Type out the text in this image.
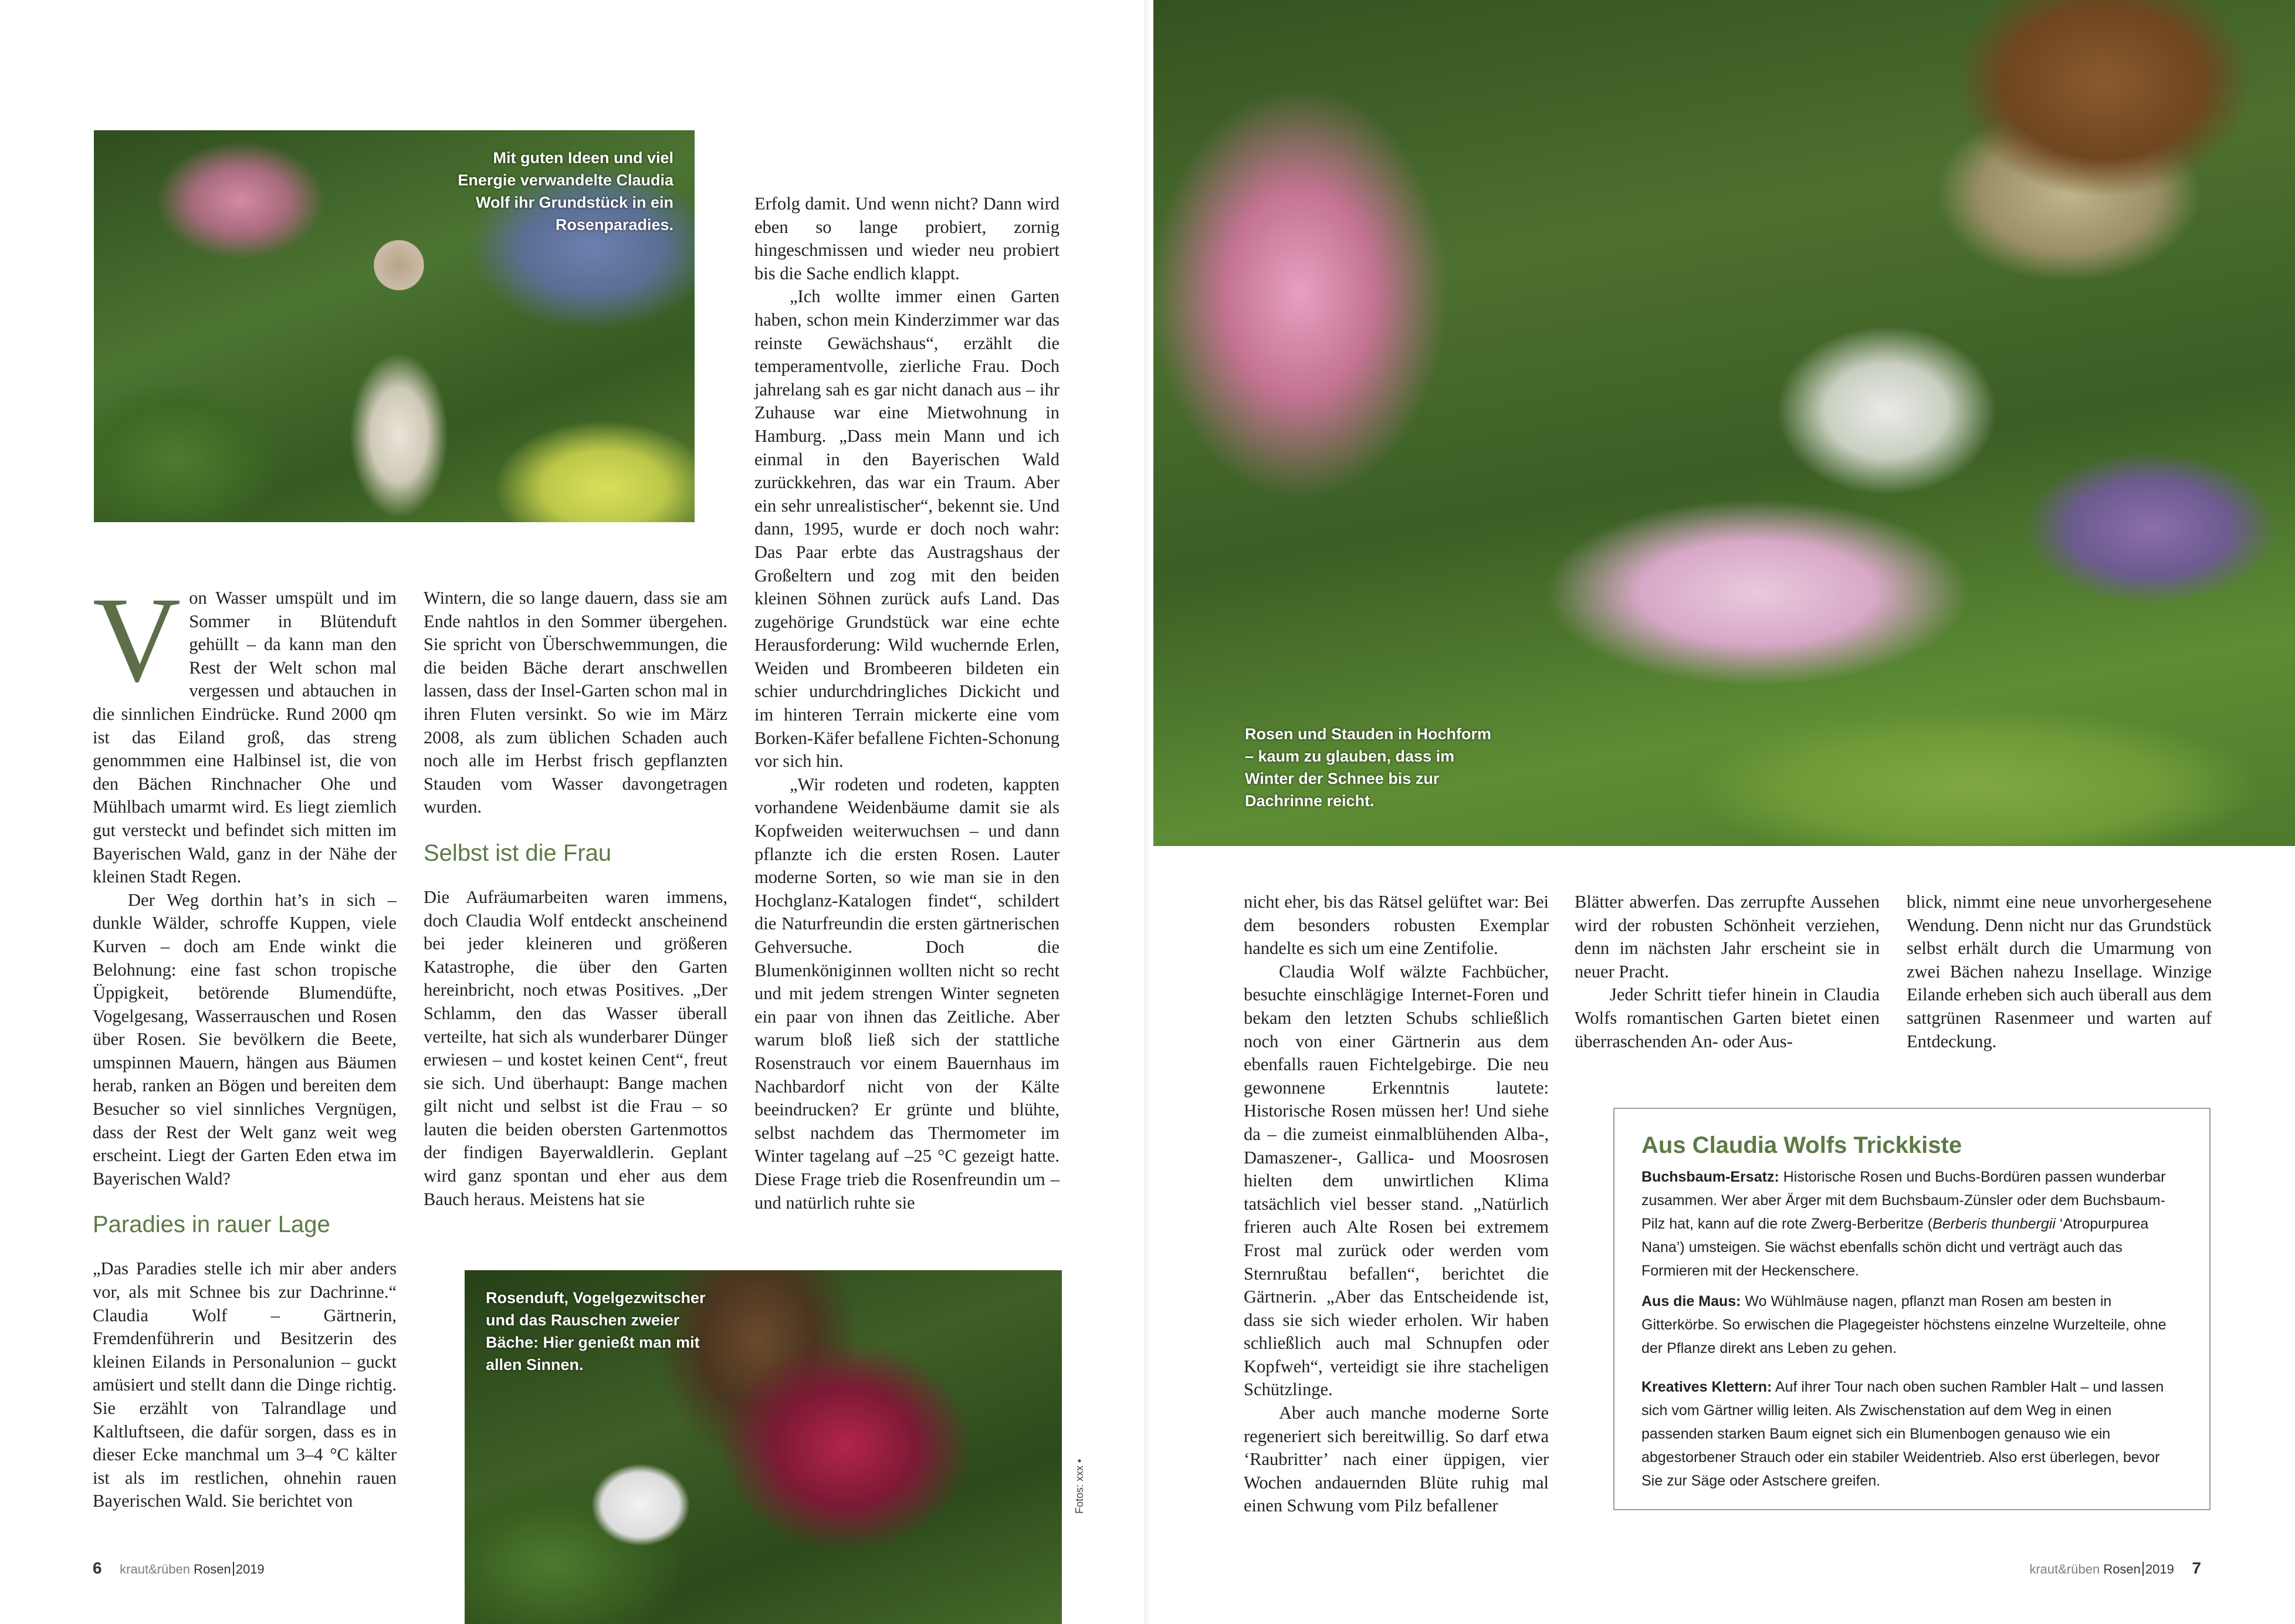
Mit guten Ideen und viel Energie verwandelte Claudia Wolf ihr Grundstück in ein Rosenparadies.

Rosen und Stauden in Hochform – kaum zu glauben, dass im Winter der Schnee bis zur Dachrinne reicht.

Rosenduft, Vogelgezwitscher und das Rauschen zweier Bäche: Hier genießt man mit allen Sinnen.

Von Wasser umspült und im Sommer in Blütenduft gehüllt – da kann man den Rest der Welt schon mal vergessen und abtauchen in die sinnlichen Eindrücke. Rund 2000 qm ist das Eiland groß, das streng genommmen eine Halbinsel ist, die von den Bächen Rinchnacher Ohe und Mühlbach umarmt wird. Es liegt ziemlich gut versteckt und befindet sich mitten im Bayerischen Wald, ganz in der Nähe der kleinen Stadt Regen.

Der Weg dorthin hat’s in sich – dunkle Wälder, schroffe Kuppen, viele Kurven – doch am Ende winkt die Belohnung: eine fast schon tropische Üppigkeit, betörende Blumendüfte, Vogelgesang, Wasserrauschen und Rosen über Rosen. Sie bevölkern die Beete, umspinnen Mauern, hängen aus Bäumen herab, ranken an Bögen und bereiten dem Besucher so viel sinnliches Vergnügen, dass der Rest der Welt ganz weit weg erscheint. Liegt der Garten Eden etwa im Bayerischen Wald?

Paradies in rauer Lage

„Das Paradies stelle ich mir aber anders vor, als mit Schnee bis zur Dachrinne.“ Claudia Wolf – Gärtnerin, Fremdenführerin und Besitzerin des kleinen Eilands in Personalunion – guckt amüsiert und stellt dann die Dinge richtig. Sie erzählt von Talrandlage und Kaltluftseen, die dafür sorgen, dass es in dieser Ecke manchmal um 3–4 °C kälter ist als im restlichen, ohnehin rauen Bayerischen Wald. Sie berichtet von

Wintern, die so lange dauern, dass sie am Ende nahtlos in den Sommer übergehen. Sie spricht von Überschwemmungen, die die beiden Bäche derart anschwellen lassen, dass der Insel-Garten schon mal in ihren Fluten versinkt. So wie im März 2008, als zum üblichen Schaden auch noch alle im Herbst frisch gepflanzten Stauden vom Wasser davongetragen wurden.

Selbst ist die Frau

Die Aufräumarbeiten waren immens, doch Claudia Wolf entdeckt anscheinend bei jeder kleineren und größeren Katastrophe, die über den Garten hereinbricht, noch etwas Positives. „Der Schlamm, den das Wasser überall verteilte, hat sich als wunderbarer Dünger erwiesen – und kostet keinen Cent“, freut sie sich. Und überhaupt: Bange machen gilt nicht und selbst ist die Frau – so lauten die beiden obersten Gartenmottos der findigen Bayerwaldlerin. Geplant wird ganz spontan und eher aus dem Bauch heraus. Meistens hat sie

Erfolg damit. Und wenn nicht? Dann wird eben so lange probiert, zornig hingeschmissen und wieder neu probiert bis die Sache endlich klappt.

„Ich wollte immer einen Garten haben, schon mein Kinderzimmer war das reinste Gewächshaus“, erzählt die temperamentvolle, zierliche Frau. Doch jahrelang sah es gar nicht danach aus – ihr Zuhause war eine Mietwohnung in Hamburg. „Dass mein Mann und ich einmal in den Bayerischen Wald zurückkehren, das war ein Traum. Aber ein sehr unrealistischer“, bekennt sie. Und dann, 1995, wurde er doch noch wahr: Das Paar erbte das Austragshaus der Großeltern und zog mit den beiden kleinen Söhnen zurück aufs Land. Das zugehörige Grundstück war eine echte Herausforderung: Wild wuchernde Erlen, Weiden und Brombeeren bildeten ein schier undurchdringliches Dickicht und im hinteren Terrain mickerte eine vom Borken-Käfer befallene Fichten-Schonung vor sich hin.

„Wir rodeten und rodeten, kappten vorhandene Weidenbäume damit sie als Kopfweiden weiterwuchsen – und dann pflanzte ich die ersten Rosen. Lauter moderne Sorten, so wie man sie in den Hochglanz-Katalogen findet“, schildert die Naturfreundin die ersten gärtnerischen Gehversuche. Doch die Blumenköniginnen wollten nicht so recht und mit jedem strengen Winter segneten ein paar von ihnen das Zeitliche. Aber warum bloß ließ sich der stattliche Rosenstrauch vor einem Bauernhaus im Nachbardorf nicht von der Kälte beeindrucken? Er grünte und blühte, selbst nachdem das Thermometer im Winter tagelang auf –25 °C gezeigt hatte. Diese Frage trieb die Rosenfreundin um – und natürlich ruhte sie

nicht eher, bis das Rätsel gelüftet war: Bei dem besonders robusten Exemplar handelte es sich um eine Zentifolie.

Claudia Wolf wälzte Fachbücher, besuchte einschlägige Internet-Foren und bekam den letzten Schubs schließlich noch von einer Gärtnerin aus dem ebenfalls rauen Fichtelgebirge. Die neu gewonnene Erkenntnis lautete: Historische Rosen müssen her! Und siehe da – die zumeist einmalblühenden Alba-, Damaszener-, Gallica- und Moosrosen hielten dem unwirtlichen Klima tatsächlich viel besser stand. „Natürlich frieren auch Alte Rosen bei extremem Frost mal zurück oder werden vom Sternrußtau befallen“, berichtet die Gärtnerin. „Aber das Entscheidende ist, dass sie sich wieder erholen. Wir haben schließlich auch mal Schnupfen oder Kopfweh“, verteidigt sie ihre stacheligen Schützlinge.

Aber auch manche moderne Sorte regeneriert sich bereitwillig. So darf etwa ‘Raubritter’ nach einer üppigen, vier Wochen andauernden Blüte ruhig mal einen Schwung vom Pilz befallener

Blätter abwerfen. Das zerrupfte Aussehen wird der robusten Schönheit verziehen, denn im nächsten Jahr erscheint sie in neuer Pracht.

Jeder Schritt tiefer hinein in Claudia Wolfs romantischen Garten bietet einen überraschenden An- oder Aus-

blick, nimmt eine neue unvorhergesehene Wendung. Denn nicht nur das Grundstück selbst erhält durch die Umarmung von zwei Bächen nahezu Insellage. Winzige Eilande erheben sich auch überall aus dem sattgrünen Rasenmeer und warten auf Entdeckung.

Aus Claudia Wolfs Trickkiste

Buchsbaum-Ersatz: Historische Rosen und Buchs-Bordüren passen wunderbar zusammen. Wer aber Ärger mit dem Buchsbaum-Zünsler oder dem Buchsbaum-Pilz hat, kann auf die rote Zwerg-Berberitze (Berberis thunbergii ‘Atropurpurea Nana’) umsteigen. Sie wächst ebenfalls schön dicht und verträgt auch das Formieren mit der Heckenschere.

Aus die Maus: Wo Wühlmäuse nagen, pflanzt man Rosen am besten in Gitterkörbe. So erwischen die Plagegeister höchstens einzelne Wurzelteile, ohne der Pflanze direkt ans Leben zu gehen.

Kreatives Klettern: Auf ihrer Tour nach oben suchen Rambler Halt – und lassen sich vom Gärtner willig leiten. Als Zwischenstation auf dem Weg in einen passenden starken Baum eignet sich ein Blumenbogen genauso wie ein abgestorbener Strauch oder ein stabiler Weidentrieb. Also erst überlegen, bevor Sie zur Säge oder Astschere greifen.

Fotos: xxx •
6 kraut&rüben Rosen 2019	kraut&rüben Rosen 2019 7
